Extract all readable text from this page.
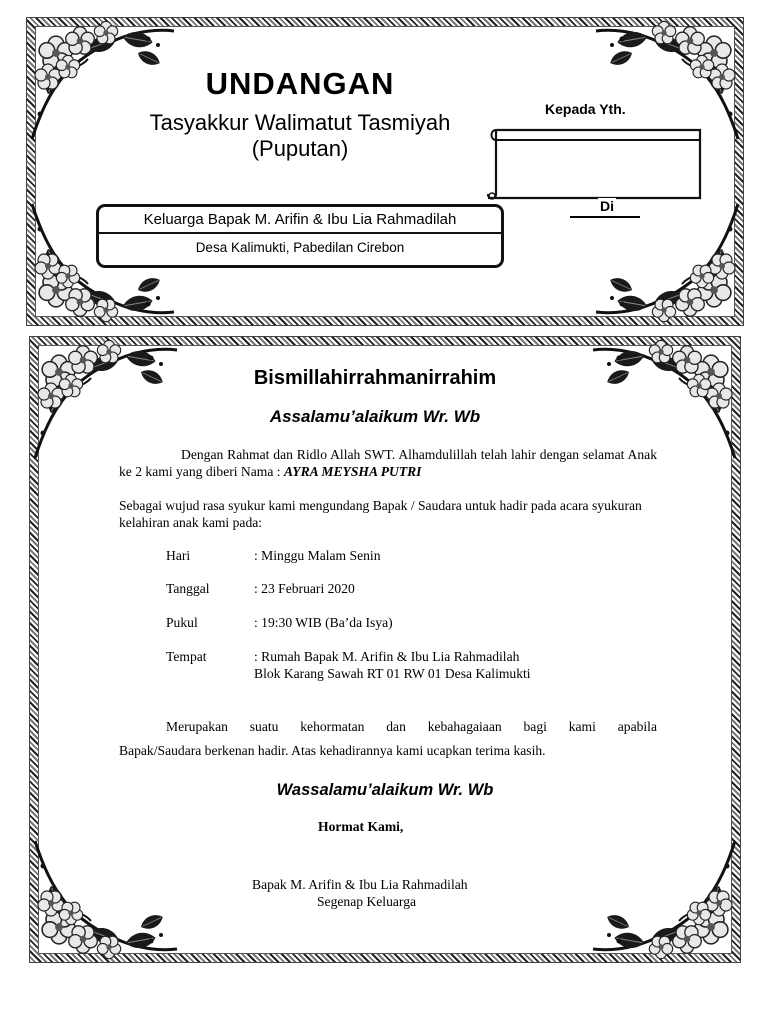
UNDANGAN
Tasyakkur Walimatut Tasmiyah (Puputan)
Kepada Yth.
Di
Keluarga Bapak M. Arifin & Ibu Lia Rahmadilah
Desa Kalimukti, Pabedilan Cirebon
Bismillahirrahmanirrahim
Assalamu’alaikum Wr. Wb
Dengan Rahmat dan Ridlo Allah SWT. Alhamdulillah telah lahir dengan selamat Anak ke 2 kami yang diberi Nama : AYRA MEYSHA PUTRI
Sebagai wujud rasa syukur kami mengundang Bapak / Saudara untuk hadir pada acara syukuran kelahiran anak kami pada:
Hari	: Minggu Malam Senin
Tanggal	: 23 Februari 2020
Pukul	: 19:30 WIB (Ba’da Isya)
Tempat	: Rumah Bapak M. Arifin & Ibu Lia Rahmadilah
Blok Karang Sawah RT 01 RW 01 Desa Kalimukti
Merupakan suatu kehormatan dan kebahagaiaan bagi kami apabila
Bapak/Saudara berkenan hadir. Atas kehadirannya kami ucapkan terima kasih.
Wassalamu’alaikum Wr. Wb
Hormat Kami,
Bapak M. Arifin & Ibu Lia Rahmadilah
Segenap Keluarga
